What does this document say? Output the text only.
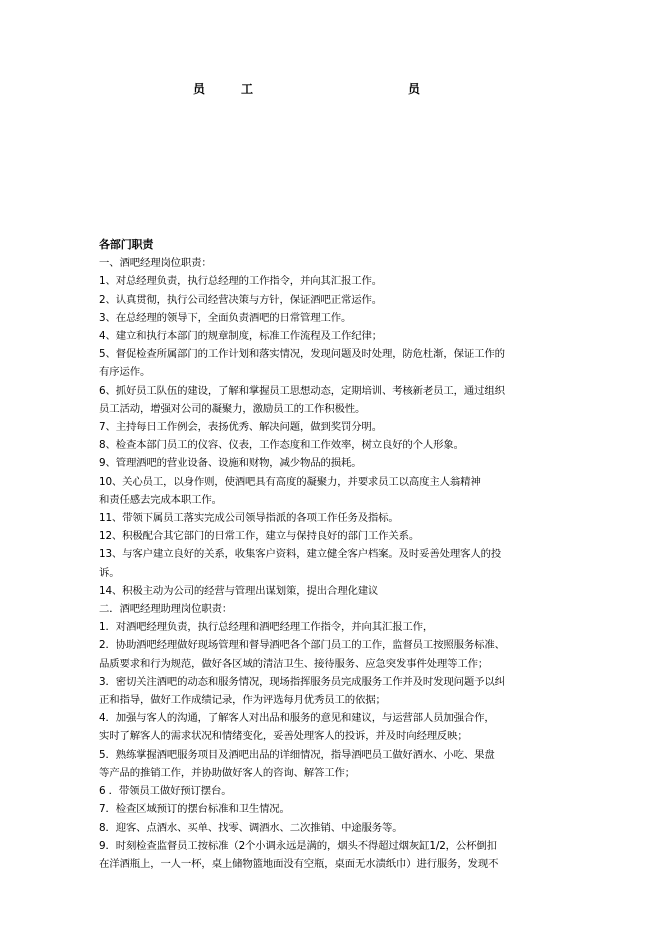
员	工	员
各部门职责
一、酒吧经理岗位职责：
1、对总经理负责，执行总经理的工作指令，并向其汇报工作。
2、认真贯彻，执行公司经营决策与方针，保证酒吧正常运作。
3、在总经理的领导下，全面负责酒吧的日常管理工作。
4、建立和执行本部门的规章制度，标准工作流程及工作纪律；
5、督促检查所属部门的工作计划和落实情况，发现问题及时处理，防危杜渐，保证工作的
有序运作。
6、抓好员工队伍的建设，了解和掌握员工思想动态，定期培训、考核新老员工，通过组织
员工活动，增强对公司的凝聚力，激励员工的工作积极性。
7、主持每日工作例会，表扬优秀、解决问题，做到奖罚分明。
8、检查本部门员工的仪容、仪表，工作态度和工作效率，树立良好的个人形象。
9、管理酒吧的营业设备、设施和财物，减少物品的损耗。
10、关心员工，以身作则，使酒吧具有高度的凝聚力，并要求员工以高度主人翁精神
和责任感去完成本职工作。
11、带领下属员工落实完成公司领导指派的各项工作任务及指标。
12、积极配合其它部门的日常工作，建立与保持良好的部门工作关系。
13、与客户建立良好的关系，收集客户资料，建立健全客户档案。及时妥善处理客人的投
诉。
14、积极主动为公司的经营与管理出谋划策，提出合理化建议
二．酒吧经理助理岗位职责：
1．对酒吧经理负责，执行总经理和酒吧经理工作指令，并向其汇报工作，
2．协助酒吧经理做好现场管理和督导酒吧各个部门员工的工作，监督员工按照服务标准、
品质要求和行为规范，做好各区域的清洁卫生、接待服务、应急突发事件处理等工作；
3．密切关注酒吧的动态和服务情况，现场指挥服务员完成服务工作并及时发现问题予以纠
正和指导，做好工作成绩记录，作为评选每月优秀员工的依据；
4．加强与客人的沟通，了解客人对出品和服务的意见和建议，与运营部人员加强合作，
实时了解客人的需求状况和情绪变化，妥善处理客人的投诉，并及时向经理反映；
5．熟练掌握酒吧服务项目及酒吧出品的详细情况，指导酒吧员工做好酒水、小吃、果盘
等产品的推销工作，并协助做好客人的咨询、解答工作；
6 ．带领员工做好预订摆台。
7．检查区域预订的摆台标准和卫生情况。
8．迎客、点酒水、买单、找零、调酒水、二次推销、中途服务等。
9．时刻检查监督员工按标准（2个小调永远是满的，烟头不得超过烟灰缸1/2，公杯倒扣
在洋酒瓶上，一人一杯，桌上储物篮地面没有空瓶，桌面无水渍纸巾）进行服务，发现不
